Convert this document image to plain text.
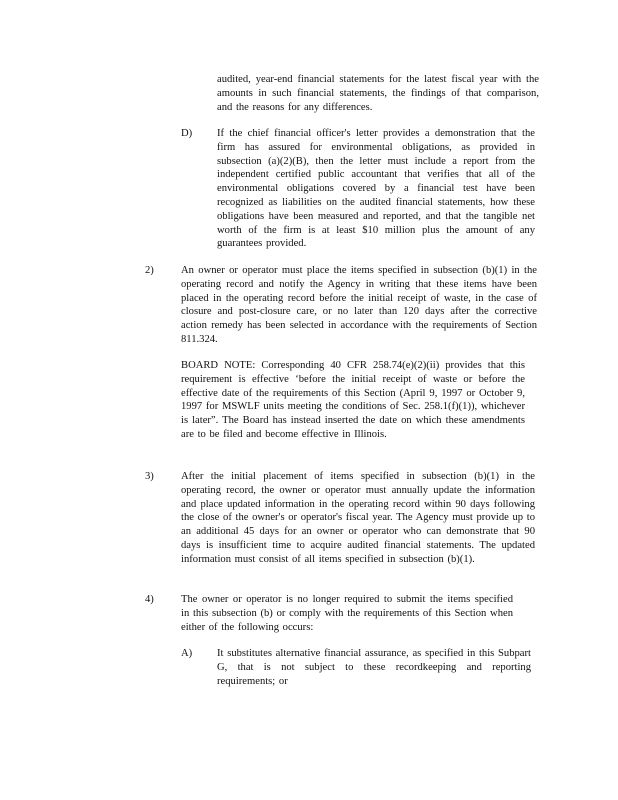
audited, year-end financial statements for the latest fiscal year with the amounts in such financial statements, the findings of that comparison, and the reasons for any differences.

D) If the chief financial officer's letter provides a demonstration that the firm has assured for environmental obligations, as provided in subsection (a)(2)(B), then the letter must include a report from the independent certified public accountant that verifies that all of the environmental obligations covered by a financial test have been recognized as liabilities on the audited financial statements, how these obligations have been measured and reported, and that the tangible net worth of the firm is at least $10 million plus the amount of any guarantees provided.

2)	An owner or operator must place the items specified in subsection (b)(1) in the operating record and notify the Agency in writing that these items have been placed in the operating record before the initial receipt of waste, in the case of closure and post-closure care, or no later than 120 days after the corrective action remedy has been selected in accordance with the requirements of Section 811.324.

BOARD NOTE: Corresponding 40 CFR 258.74(e)(2)(ii) provides that this requirement is effective ‘before the initial receipt of waste or before the effective date of the requirements of this Section (April 9, 1997 or October 9, 1997 for MSWLF units meeting the conditions of Sec. 258.1(f)(1)), whichever is later”. The Board has instead inserted the date on which these amendments are to be filed and become effective in Illinois.

3)	After the initial placement of items specified in subsection (b)(1) in the operating record, the owner or operator must annually update the information and place updated information in the operating record within 90 days following the close of the owner's or operator's fiscal year. The Agency must provide up to an additional 45 days for an owner or operator who can demonstrate that 90 days is insufficient time to acquire audited financial statements. The updated information must consist of all items specified in subsection (b)(1).

4)	The owner or operator is no longer required to submit the items specified in this subsection (b) or comply with the requirements of this Section when either of the following occurs:

A) It substitutes alternative financial assurance, as specified in this Subpart G, that is not subject to these recordkeeping and reporting requirements; or
